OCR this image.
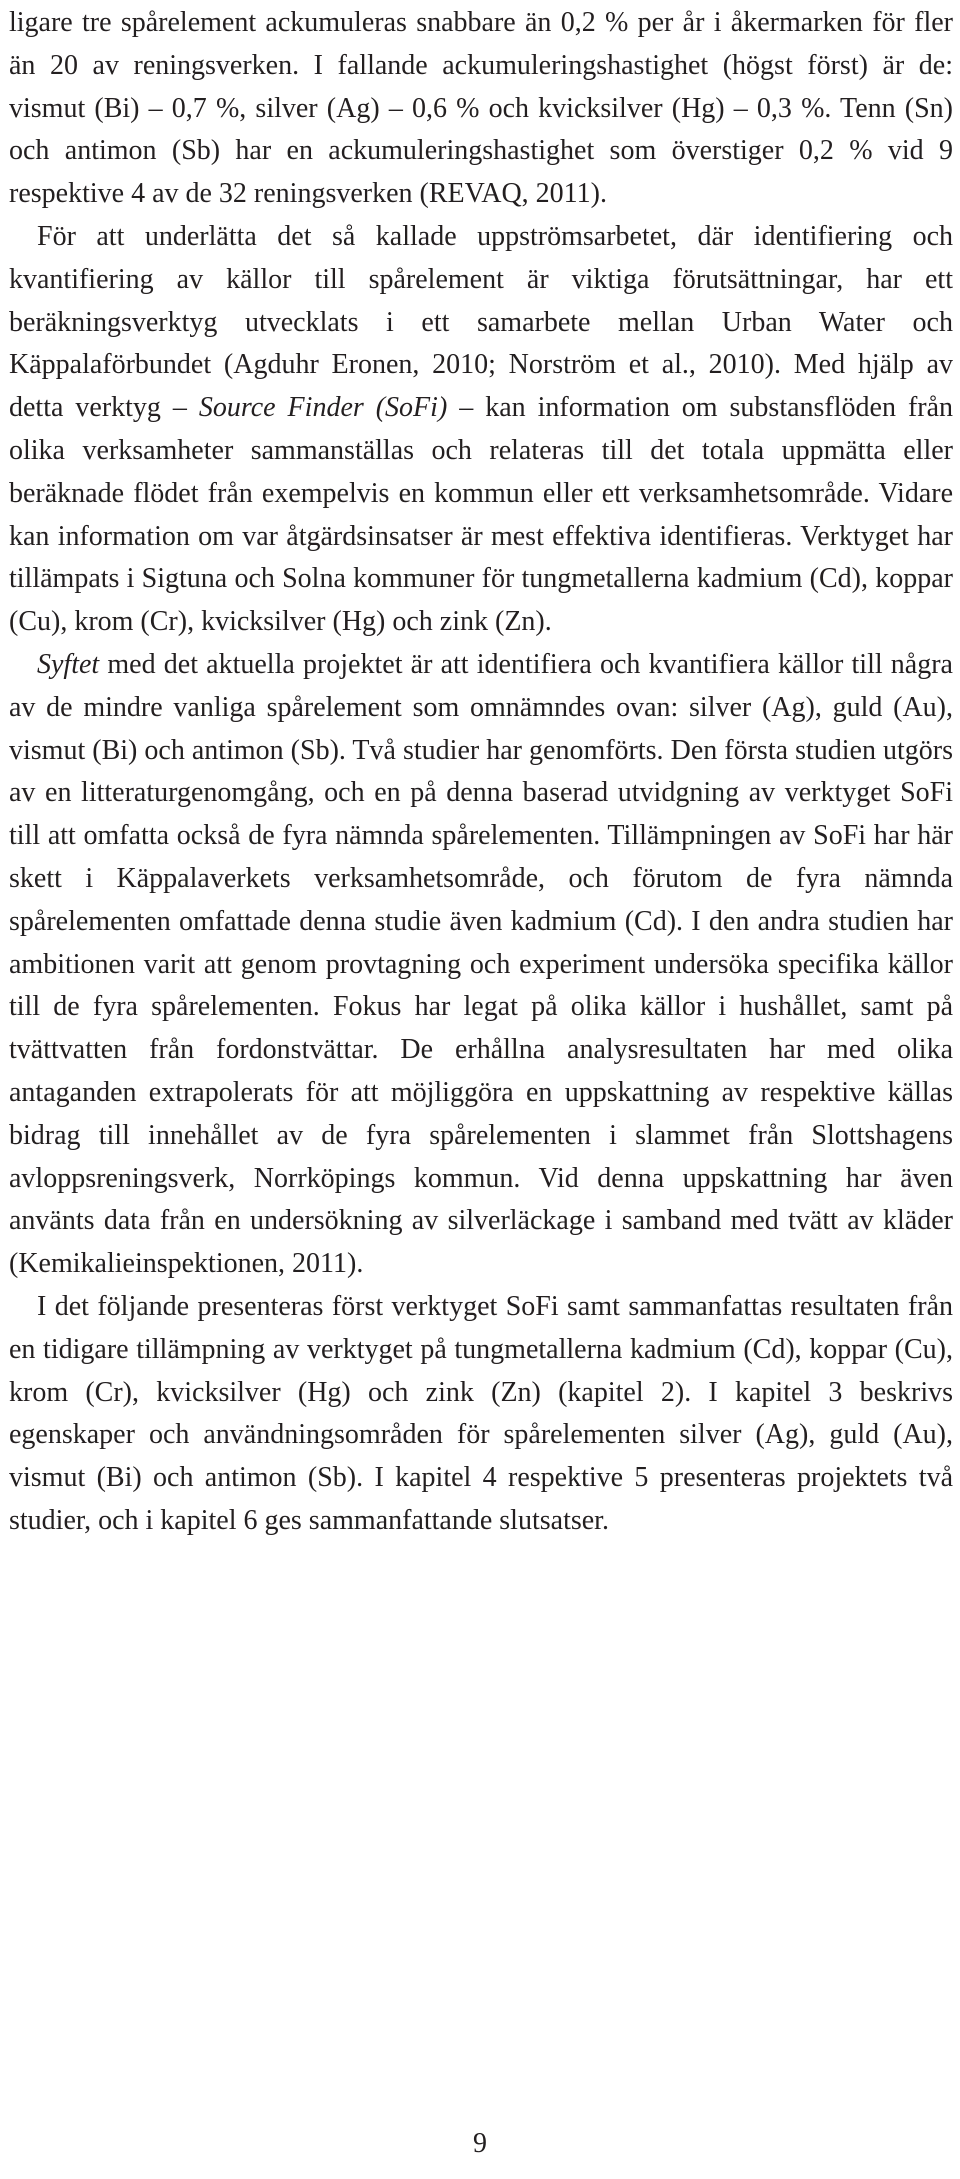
ligare tre spårelement ackumuleras snabbare än 0,2 % per år i åkermarken för fler än 20 av reningsverken. I fallande ackumuleringshastighet (högst först) är de: vismut (Bi) – 0,7 %, silver (Ag) – 0,6 % och kvicksilver (Hg) – 0,3 %. Tenn (Sn) och antimon (Sb) har en ackumuleringshastighet som överstiger 0,2 % vid 9 respektive 4 av de 32 reningsverken (REVAQ, 2011).

För att underlätta det så kallade uppströmsarbetet, där identifiering och kvantifiering av källor till spårelement är viktiga förutsättningar, har ett beräkningsverktyg utvecklats i ett samarbete mellan Urban Water och Käppalaförbundet (Agduhr Eronen, 2010; Norström et al., 2010). Med hjälp av detta verktyg – Source Finder (SoFi) – kan information om substansflöden från olika verksamheter sammanställas och relateras till det totala uppmätta eller beräknade flödet från exempelvis en kommun eller ett verksamhetsområde. Vidare kan information om var åtgärdsinsatser är mest effektiva identifieras. Verktyget har tillämpats i Sigtuna och Solna kommuner för tungmetallerna kadmium (Cd), koppar (Cu), krom (Cr), kvicksilver (Hg) och zink (Zn).

Syftet med det aktuella projektet är att identifiera och kvantifiera källor till några av de mindre vanliga spårelement som omnämndes ovan: silver (Ag), guld (Au), vismut (Bi) och antimon (Sb). Två studier har genomförts. Den första studien utgörs av en litteraturgenomgång, och en på denna baserad utvidgning av verktyget SoFi till att omfatta också de fyra nämnda spårelementen. Tillämpningen av SoFi har här skett i Käppalaverkets verksamhetsområde, och förutom de fyra nämnda spårelementen omfattade denna studie även kadmium (Cd). I den andra studien har ambitionen varit att genom provtagning och experiment undersöka specifika källor till de fyra spårelementen. Fokus har legat på olika källor i hushållet, samt på tvättvatten från fordonstvättar. De erhållna analysresultaten har med olika antaganden extrapolerats för att möjliggöra en uppskattning av respektive källas bidrag till innehållet av de fyra spårelementen i slammet från Slottshagens avloppsreningsverk, Norrköpings kommun. Vid denna uppskattning har även använts data från en undersökning av silverläckage i samband med tvätt av kläder (Kemikalieinspektionen, 2011).

I det följande presenteras först verktyget SoFi samt sammanfattas resultaten från en tidigare tillämpning av verktyget på tungmetallerna kadmium (Cd), koppar (Cu), krom (Cr), kvicksilver (Hg) och zink (Zn) (kapitel 2). I kapitel 3 beskrivs egenskaper och användningsområden för spårelementen silver (Ag), guld (Au), vismut (Bi) och antimon (Sb). I kapitel 4 respektive 5 presenteras projektets två studier, och i kapitel 6 ges sammanfattande slutsatser.

9
